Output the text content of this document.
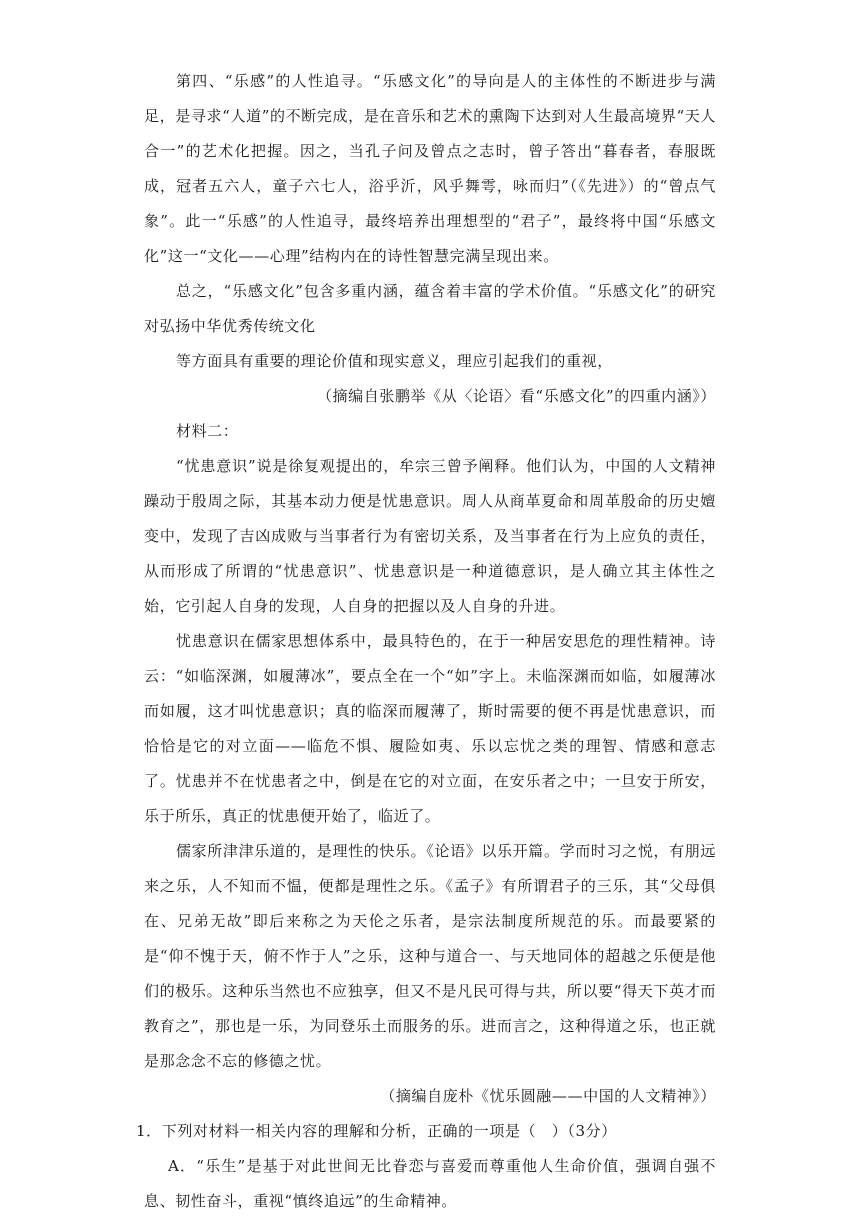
第四、“乐感”的人性追寻。“乐感文化”的导向是人的主体性的不断进步与满足，是寻求“人道”的不断完成，是在音乐和艺术的熏陶下达到对人生最高境界“天人合一”的艺术化把握。因之，当孔子问及曾点之志时，曾子答出“暮春者，春服既成，冠者五六人，童子六七人，浴乎沂，风乎舞雩，咏而归”（《先进》）的“曾点气象”。此一“乐感”的人性追寻，最终培养出理想型的“君子”，最终将中国“乐感文化”这一“文化——心理”结构内在的诗性智慧完满呈现出来。

总之，“乐感文化”包含多重内涵，蕴含着丰富的学术价值。“乐感文化”的研究对弘扬中华优秀传统文化

等方面具有重要的理论价值和现实意义，理应引起我们的重视，

（摘编自张鹏举《从〈论语〉看“乐感文化”的四重内涵》）

材料二：

“忧患意识”说是徐复观提出的，牟宗三曾予阐释。他们认为，中国的人文精神躁动于殷周之际，其基本动力便是忧患意识。周人从商革夏命和周革殷命的历史嬗变中，发现了吉凶成败与当事者行为有密切关系，及当事者在行为上应负的责任，从而形成了所谓的“忧患意识”、忧患意识是一种道德意识，是人确立其主体性之始，它引起人自身的发现，人自身的把握以及人自身的升进。

忧患意识在儒家思想体系中，最具特色的，在于一种居安思危的理性精神。诗云：“如临深渊，如履薄冰”，要点全在一个“如”字上。未临深渊而如临，如履薄冰而如履，这才叫忧患意识；真的临深而履薄了，斯时需要的便不再是忧患意识，而恰恰是它的对立面——临危不惧、履险如夷、乐以忘忧之类的理智、情感和意志了。忧患并不在忧患者之中，倒是在它的对立面，在安乐者之中；一旦安于所安，乐于所乐，真正的忧患便开始了，临近了。

儒家所津津乐道的，是理性的快乐。《论语》以乐开篇。学而时习之悦，有朋远来之乐，人不知而不愠，便都是理性之乐。《孟子》有所谓君子的三乐，其“父母俱在、兄弟无故”即后来称之为天伦之乐者，是宗法制度所规范的乐。而最要紧的是“仰不愧于天，俯不怍于人”之乐，这种与道合一、与天地同体的超越之乐便是他们的极乐。这种乐当然也不应独享，但又不是凡民可得与共，所以要“得天下英才而教育之”，那也是一乐，为同登乐土而服务的乐。进而言之，这种得道之乐，也正就是那念念不忘的修德之忧。

（摘编自庞朴《忧乐圆融——中国的人文精神》）

1．下列对材料一相关内容的理解和分析，正确的一项是（　）（3分）

A．“乐生”是基于对此世间无比眷恋与喜爱而尊重他人生命价值，强调自强不息、韧性奋斗，重视“慎终追远”的生命精神。
